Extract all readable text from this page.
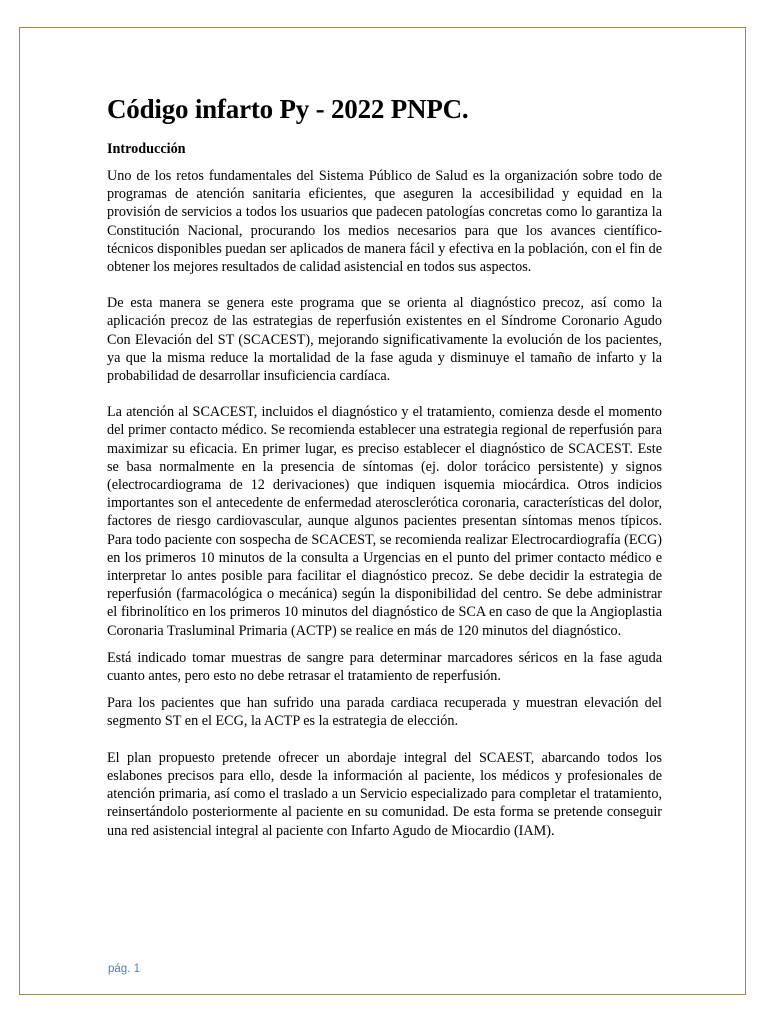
Código infarto Py - 2022 PNPC.
Introducción

Uno de los retos fundamentales del Sistema Público de Salud es la organización sobre todo de programas de atención sanitaria eficientes, que aseguren la accesibilidad y equidad en la provisión de servicios a todos los usuarios que padecen patologías concretas como lo garantiza la Constitución Nacional, procurando los medios necesarios para que los avances científico-técnicos disponibles puedan ser aplicados de manera fácil y efectiva en la población, con el fin de obtener los mejores resultados de calidad asistencial en todos sus aspectos.

De esta manera se genera este programa que se orienta al diagnóstico precoz, así como la aplicación precoz de las estrategias de reperfusión existentes en el Síndrome Coronario Agudo Con Elevación del ST (SCACEST), mejorando significativamente la evolución de los pacientes, ya que la misma reduce la mortalidad de la fase aguda y disminuye el tamaño de infarto y la probabilidad de desarrollar insuficiencia cardíaca.

La atención al SCACEST, incluidos el diagnóstico y el tratamiento, comienza desde el momento del primer contacto médico. Se recomienda establecer una estrategia regional de reperfusión para maximizar su eficacia. En primer lugar, es preciso establecer el diagnóstico de SCACEST. Este se basa normalmente en la presencia de síntomas (ej. dolor torácico persistente) y signos (electrocardiograma de 12 derivaciones) que indiquen isquemia miocárdica. Otros indicios importantes son el antecedente de enfermedad aterosclerótica coronaria, características del dolor, factores de riesgo cardiovascular, aunque algunos pacientes presentan síntomas menos típicos. Para todo paciente con sospecha de SCACEST, se recomienda realizar Electrocardiografía (ECG) en los primeros 10 minutos de la consulta a Urgencias en el punto del primer contacto médico e interpretar lo antes posible para facilitar el diagnóstico precoz. Se debe decidir la estrategia de reperfusión (farmacológica o mecánica) según la disponibilidad del centro. Se debe administrar el fibrinolítico en los primeros 10 minutos del diagnóstico de SCA en caso de que la Angioplastia Coronaria Trasluminal Primaria (ACTP) se realice en más de 120 minutos del diagnóstico.

Está indicado tomar muestras de sangre para determinar marcadores séricos en la fase aguda cuanto antes, pero esto no debe retrasar el tratamiento de reperfusión.

Para los pacientes que han sufrido una parada cardiaca recuperada y muestran elevación del segmento ST en el ECG, la ACTP es la estrategia de elección.

El plan propuesto pretende ofrecer un abordaje integral del SCAEST, abarcando todos los eslabones precisos para ello, desde la información al paciente, los médicos y profesionales de atención primaria, así como el traslado a un Servicio especializado para completar el tratamiento, reinsertándolo posteriormente al paciente en su comunidad. De esta forma se pretende conseguir una red asistencial integral al paciente con Infarto Agudo de Miocardio (IAM).

pág. 1
